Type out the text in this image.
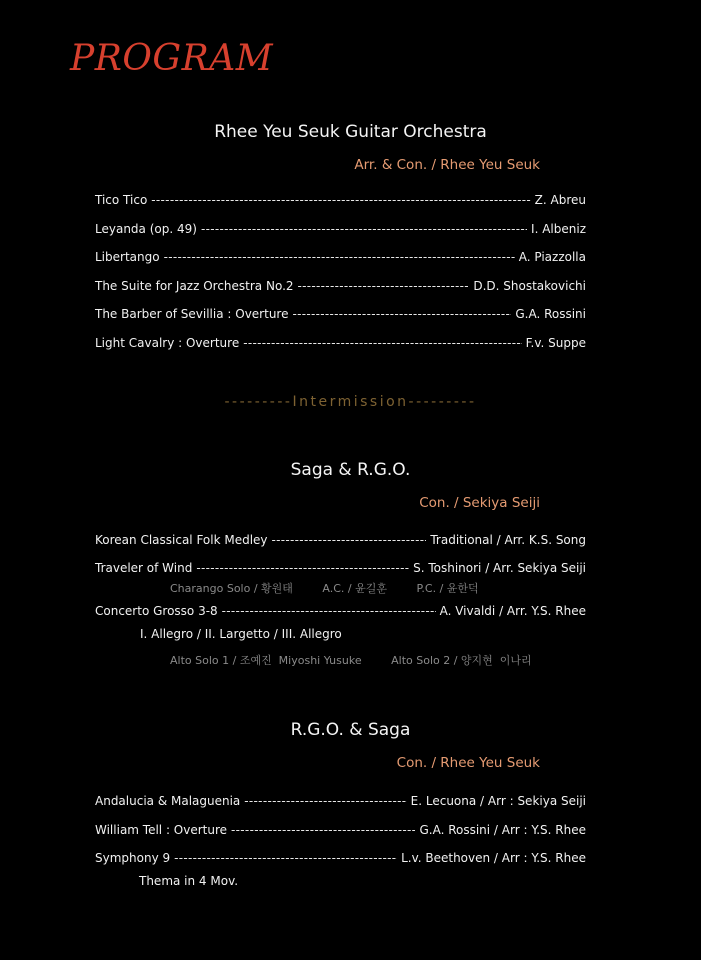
PROGRAM
Rhee Yeu Seuk Guitar Orchestra
Arr. & Con. / Rhee Yeu Seuk
Tico Tico -----	Z. Abreu
Leyanda (op. 49) -----	I. Albeniz
Libertango -----	A. Piazzolla
The Suite for Jazz Orchestra No.2 -----	D.D. Shostakovichi
The Barber of Sevillia : Overture -----	G.A. Rossini
Light Cavalry : Overture -----	F.v. Suppe
---------Intermission---------
Saga & R.G.O.
Con. / Sekiya Seiji
Korean Classical Folk Medley -----	Traditional / Arr. K.S. Song
Traveler of Wind -----	S. Toshinori / Arr. Sekiya Seiji
Charango Solo / 황원태	A.C. / 윤길훈	P.C. / 윤한덕
Concerto Grosso 3-8 -----	A. Vivaldi / Arr. Y.S. Rhee
I. Allegro / II. Largetto / III. Allegro
Alto Solo 1 / 조예진  Miyoshi Yusuke	Alto Solo 2 / 양지현  이나리
R.G.O. & Saga
Con. / Rhee Yeu Seuk
Andalucia & Malaguenia -----	E. Lecuona / Arr : Sekiya Seiji
William Tell : Overture -----	G.A. Rossini / Arr : Y.S. Rhee
Symphony 9 -----	L.v. Beethoven / Arr : Y.S. Rhee
Thema in 4 Mov.
